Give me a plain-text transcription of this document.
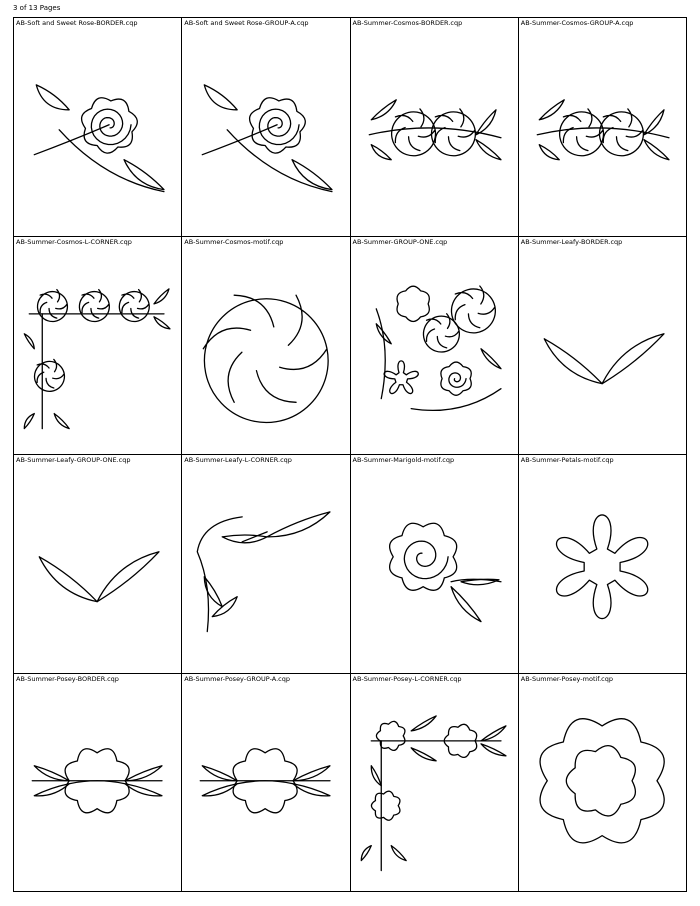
3 of 13 Pages
AB-Soft and Sweet Rose-BORDER.cqp	AB-Soft and Sweet Rose-GROUP-A.cqp	AB-Summer-Cosmos-BORDER.cqp	AB-Summer-Cosmos-GROUP-A.cqp
AB-Summer-Cosmos-L-CORNER.cqp	AB-Summer-Cosmos-motif.cqp	AB-Summer-GROUP-ONE.cqp	AB-Summer-Leafy-BORDER.cqp
AB-Summer-Leafy-GROUP-ONE.cqp	AB-Summer-Leafy-L-CORNER.cqp	AB-Summer-Marigold-motif.cqp	AB-Summer-Petals-motif.cqp
AB-Summer-Posey-BORDER.cqp	AB-Summer-Posey-GROUP-A.cqp	AB-Summer-Posey-L-CORNER.cqp	AB-Summer-Posey-motif.cqp
